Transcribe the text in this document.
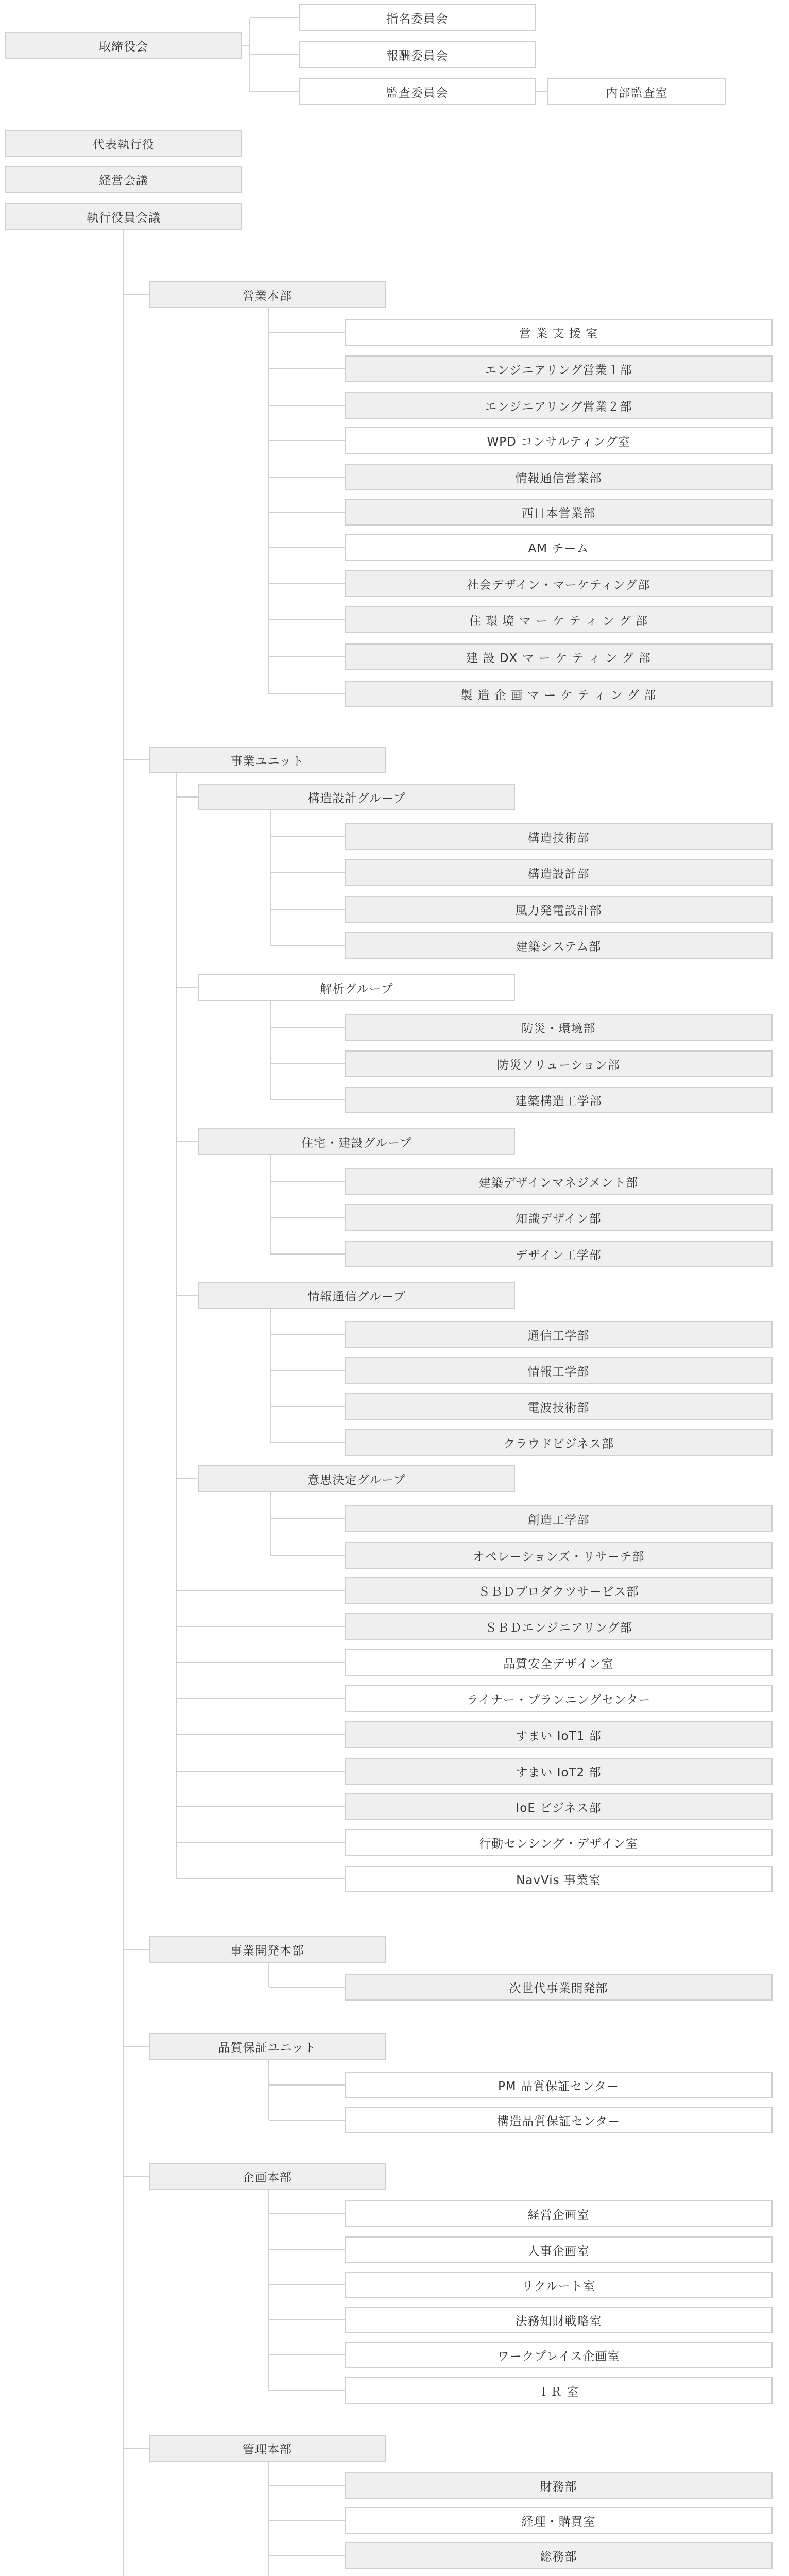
取締役会
指名委員会
報酬委員会
監査委員会	内部監査室
代表執行役
経営会議
執行役員会議
営業本部
営 業 支 援 室
エンジニアリング営業１部
エンジニアリング営業２部
WPD コンサルティング室
情報通信営業部
西日本営業部
AM チーム
社会デザイン・マーケティング部
住 環 境 マ ー ケ テ ィ ン グ 部
建 設 DX マ ー ケ テ ィ ン グ 部
製 造 企 画 マ ー ケ テ ィ ン グ 部
事業ユニット
構造設計グループ
構造技術部
構造設計部
風力発電設計部
建築システム部
解析グループ
防災・環境部
防災ソリューション部
建築構造工学部
住宅・建設グループ
建築デザインマネジメント部
知識デザイン部
デザイン工学部
情報通信グループ
通信工学部
情報工学部
電波技術部
クラウドビジネス部
意思決定グループ
創造工学部
オペレーションズ・リサーチ部
ＳＢＤプロダクツサービス部
ＳＢＤエンジニアリング部
品質安全デザイン室
ライナー・プランニングセンター
すまい IoT1 部
すまい IoT2 部
IoE ビジネス部
行動センシング・デザイン室
NavVis 事業室
事業開発本部
次世代事業開発部
品質保証ユニット
PM 品質保証センター
構造品質保証センター
企画本部
経営企画室
人事企画室
リクルート室
法務知財戦略室
ワークプレイス企画室
ＩＲ 室
管理本部
財務部
経理・購買室
総務部
